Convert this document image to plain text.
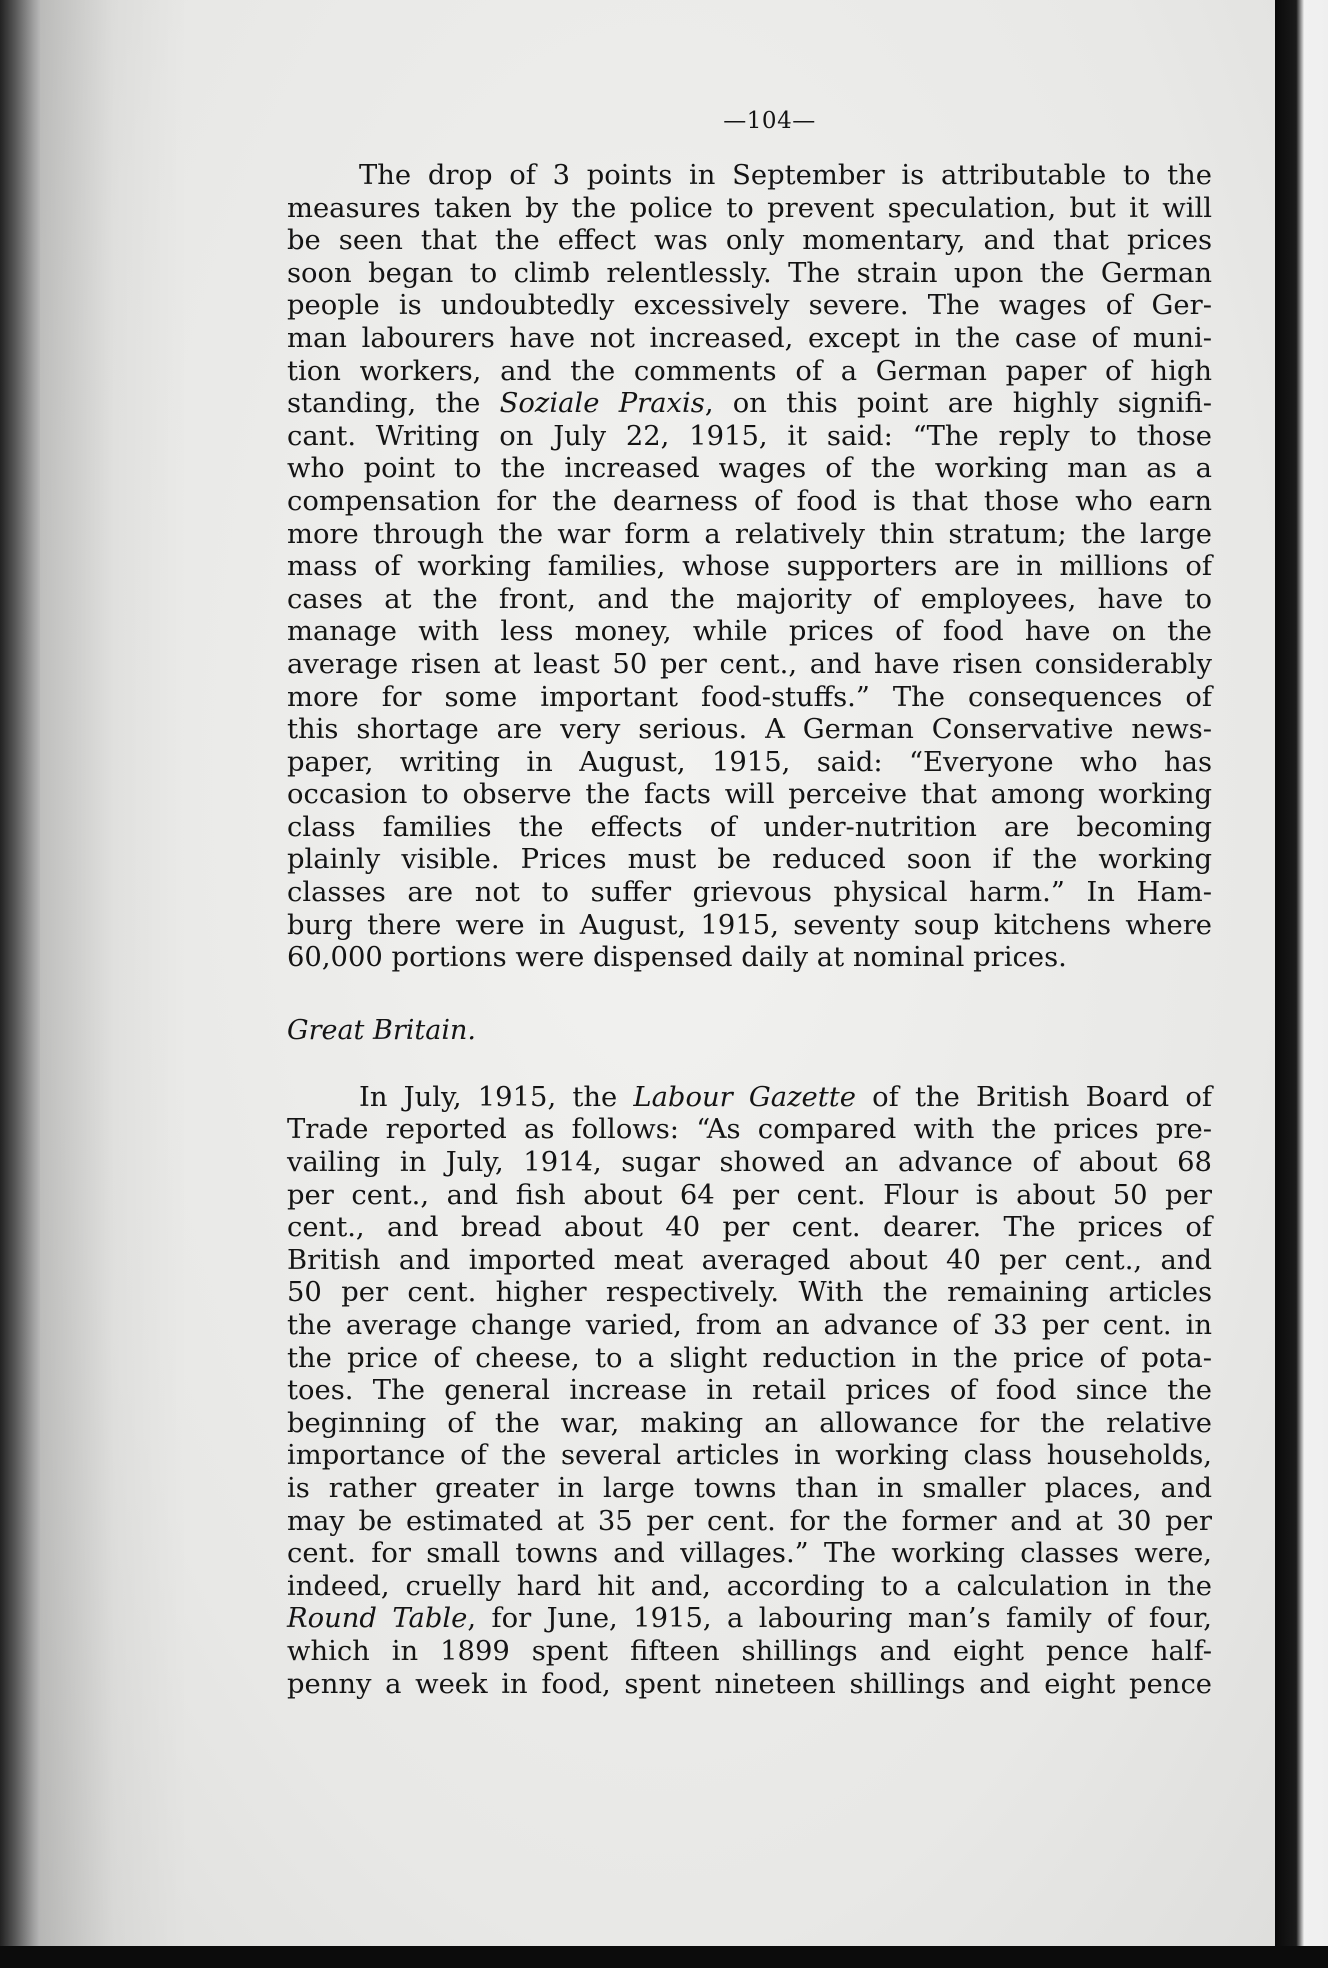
—104—
The drop of 3 points in September is attributable to the
measures taken by the police to prevent speculation, but it will
be seen that the effect was only momentary, and that prices
soon began to climb relentlessly. The strain upon the German
people is undoubtedly excessively severe. The wages of Ger-
man labourers have not increased, except in the case of muni-
tion workers, and the comments of a German paper of high
standing, the Soziale Praxis, on this point are highly signifi-
cant. Writing on July 22, 1915, it said: “The reply to those
who point to the increased wages of the working man as a
compensation for the dearness of food is that those who earn
more through the war form a relatively thin stratum; the large
mass of working families, whose supporters are in millions of
cases at the front, and the majority of employees, have to
manage with less money, while prices of food have on the
average risen at least 50 per cent., and have risen considerably
more for some important food-stuffs.” The consequences of
this shortage are very serious. A German Conservative news-
paper, writing in August, 1915, said: “Everyone who has
occasion to observe the facts will perceive that among working
class families the effects of under-nutrition are becoming
plainly visible. Prices must be reduced soon if the working
classes are not to suffer grievous physical harm.” In Ham-
burg there were in August, 1915, seventy soup kitchens where
60,000 portions were dispensed daily at nominal prices.
Great Britain.
In July, 1915, the Labour Gazette of the British Board of
Trade reported as follows: “As compared with the prices pre-
vailing in July, 1914, sugar showed an advance of about 68
per cent., and fish about 64 per cent. Flour is about 50 per
cent., and bread about 40 per cent. dearer. The prices of
British and imported meat averaged about 40 per cent., and
50 per cent. higher respectively. With the remaining articles
the average change varied, from an advance of 33 per cent. in
the price of cheese, to a slight reduction in the price of pota-
toes. The general increase in retail prices of food since the
beginning of the war, making an allowance for the relative
importance of the several articles in working class households,
is rather greater in large towns than in smaller places, and
may be estimated at 35 per cent. for the former and at 30 per
cent. for small towns and villages.” The working classes were,
indeed, cruelly hard hit and, according to a calculation in the
Round Table, for June, 1915, a labouring man’s family of four,
which in 1899 spent fifteen shillings and eight pence half-
penny a week in food, spent nineteen shillings and eight pence
